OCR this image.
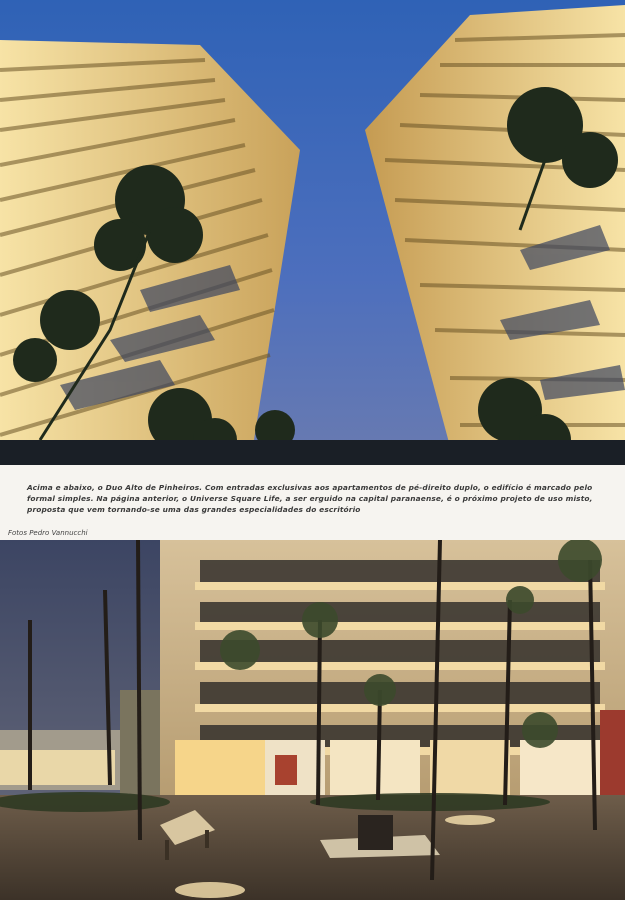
Acima e abaixo, o Duo Alto de Pinheiros. Com entradas exclusivas aos apartamentos de pé-direito duplo, o edifício é marcado pelo formal simples. Na página anterior, o Universe Square Life, a ser erguido na capital paranaense, é o próximo projeto de uso misto, proposta que vem tornando-se uma das grandes especialidades do escritório

Fotos Pedro Vannucchi
